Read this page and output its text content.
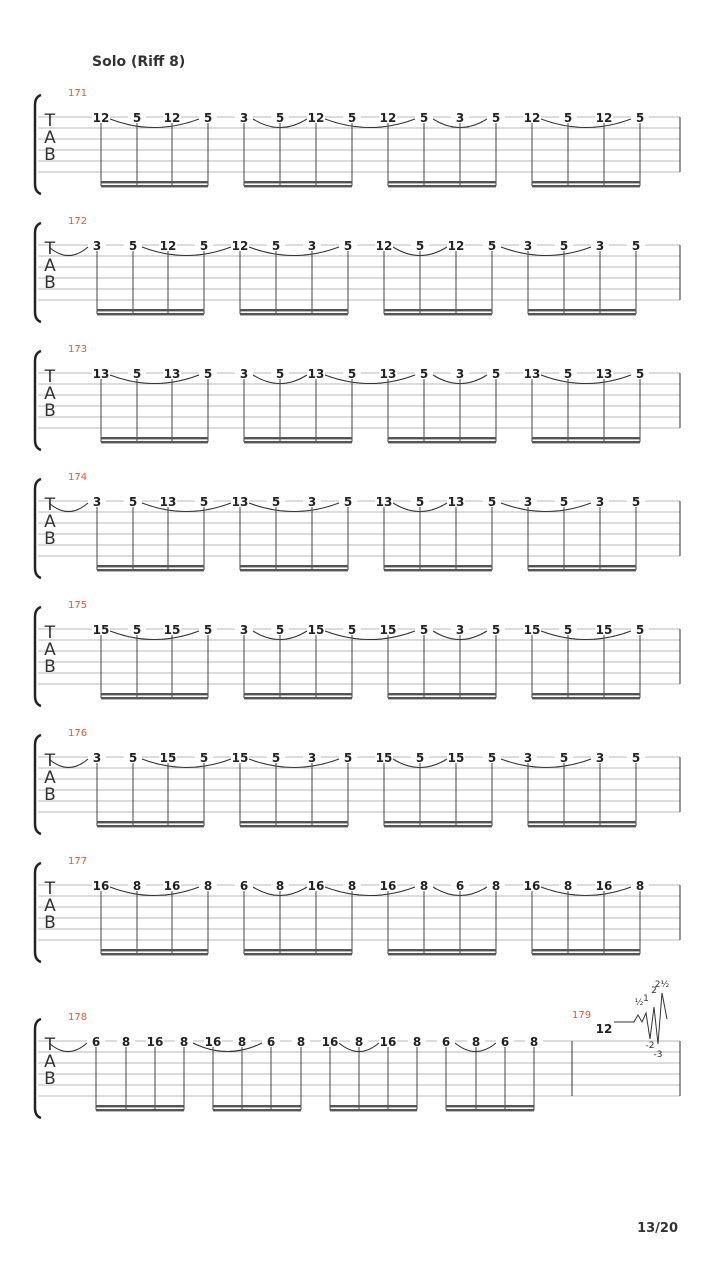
Solo (Riff 8)
T
A
B
171
12 5 12 5 3 5 12 5 12 5 3 5 12 5 12 5
T
A
B
172
3 5 12 5 12 5 3 5 12 5 12 5 3 5 3 5
T
A
B
173
13 5 13 5 3 5 13 5 13 5 3 5 13 5 13 5
T
A
B
174
3 5 13 5 13 5 3 5 13 5 13 5 3 5 3 5
T
A
B
175
15 5 15 5 3 5 15 5 15 5 3 5 15 5 15 5
T
A
B
176
3 5 15 5 15 5 3 5 15 5 15 5 3 5 3 5
T
A
B
177
16 8 16 8 6 8 16 8 16 8 6 8 16 8 16 8
T
A
B
178
6 8 16 8 16 8 6 8 16 8 16 8 6 8 6 8
179
12
½ 1
2
2½
-2
-3
13/20
